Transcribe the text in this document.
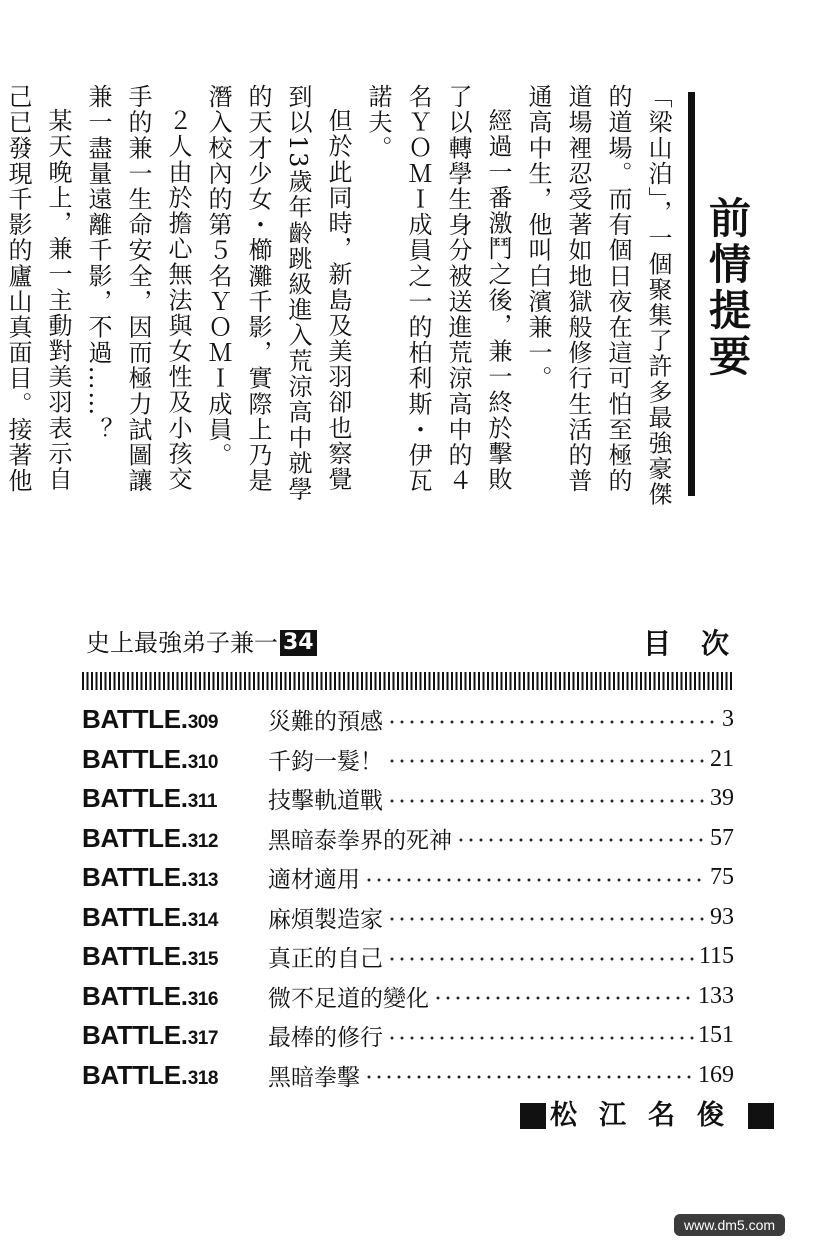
前情提要

「梁山泊」，一個聚集了許多最強豪傑的道場。而有個日夜在這可怕至極的道場裡忍受著如地獄般修行生活的普通高中生，他叫白濱兼一。

經過一番激鬥之後，兼一終於擊敗了以轉學生身分被送進荒涼高中的４名ＹＯＭＩ成員之一的柏利斯・伊瓦諾夫。

但於此同時，新島及美羽卻也察覺到以13歲年齡跳級進入荒涼高中就學的天才少女・櫛灘千影，實際上乃是潛入校內的第５名ＹＯＭＩ成員。

２人由於擔心無法與女性及小孩交手的兼一生命安全，因而極力試圖讓兼一盡量遠離千影，不過……？

某天晚上，兼一主動對美羽表示自己已發現千影的廬山真面目。接著他

史上最強弟子兼一 34	目次
BATTLE.309	災難的預感	3
BATTLE.310	千鈞一髮！	21
BATTLE.311	技擊軌道戰	39
BATTLE.312	黑暗泰拳界的死神	57
BATTLE.313	適材適用	75
BATTLE.314	麻煩製造家	93
BATTLE.315	真正的自己	115
BATTLE.316	微不足道的變化	133
BATTLE.317	最棒的修行	151
BATTLE.318	黑暗拳擊	169
松江名俊
www.dm5.com
